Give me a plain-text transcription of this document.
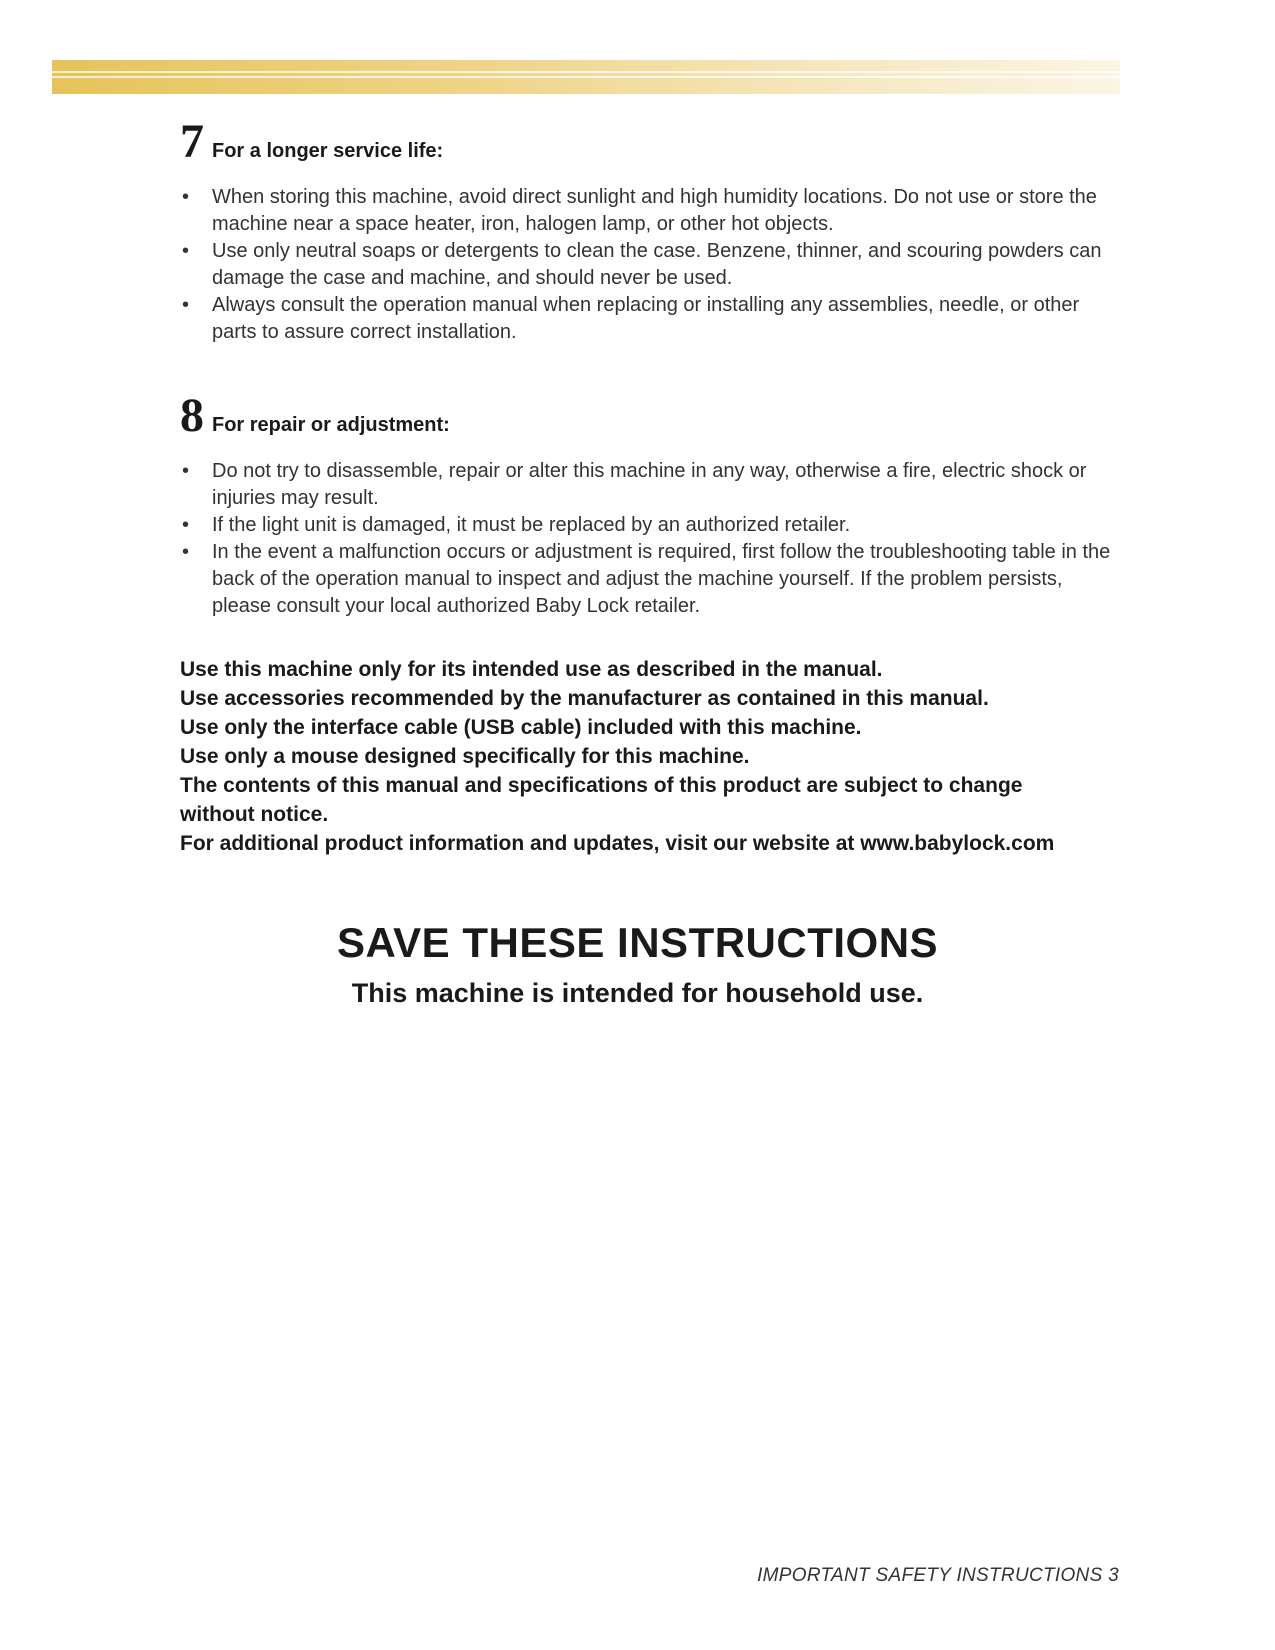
7 For a longer service life:
• When storing this machine, avoid direct sunlight and high humidity locations. Do not use or store the machine near a space heater, iron, halogen lamp, or other hot objects.
• Use only neutral soaps or detergents to clean the case. Benzene, thinner, and scouring powders can damage the case and machine, and should never be used.
• Always consult the operation manual when replacing or installing any assemblies, needle, or other parts to assure correct installation.
8 For repair or adjustment:
• Do not try to disassemble, repair or alter this machine in any way, otherwise a fire, electric shock or injuries may result.
• If the light unit is damaged, it must be replaced by an authorized retailer.
• In the event a malfunction occurs or adjustment is required, first follow the troubleshooting table in the back of the operation manual to inspect and adjust the machine yourself. If the problem persists, please consult your local authorized Baby Lock retailer.

Use this machine only for its intended use as described in the manual.

Use accessories recommended by the manufacturer as contained in this manual.

Use only the interface cable (USB cable) included with this machine.

Use only a mouse designed specifically for this machine.

The contents of this manual and specifications of this product are subject to change without notice.

For additional product information and updates, visit our website at www.babylock.com

SAVE THESE INSTRUCTIONS
This machine is intended for household use.
IMPORTANT SAFETY INSTRUCTIONS 3
